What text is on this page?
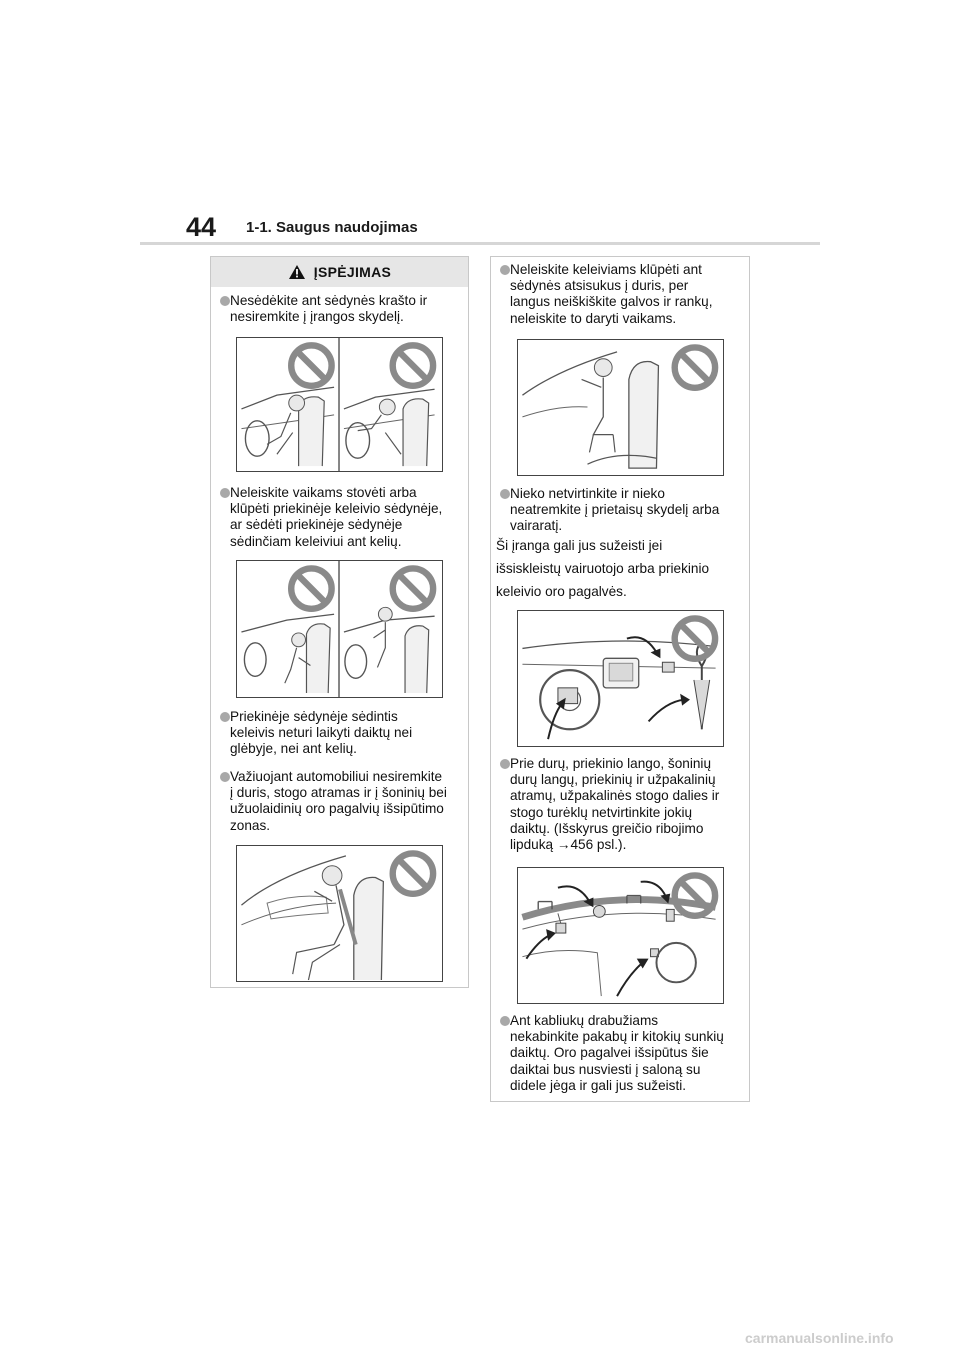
44 1-1. Saugus naudojimas
ĮSPĖJIMAS
Nesėdėkite ant sėdynės krašto ir
nesiremkite į įrangos skydelį.
Neleiskite vaikams stovėti arba
klūpėti priekinėje keleivio sėdynėje,
ar sėdėti priekinėje sėdynėje
sėdinčiam keleiviui ant kelių.
Priekinėje sėdynėje sėdintis
keleivis neturi laikyti daiktų nei
glėbyje, nei ant kelių.
Važiuojant automobiliui nesiremkite
į duris, stogo atramas ir į šoninių bei
užuolaidinių oro pagalvių išsipūtimo
zonas.
Neleiskite keleiviams klūpėti ant
sėdynės atsisukus į duris, per
langus neiškiškite galvos ir rankų,
neleiskite to daryti vaikams.
Nieko netvirtinkite ir nieko
neatremkite į prietaisų skydelį arba
vairaratį.
Ši įranga gali jus sužeisti jei
išsiskleistų vairuotojo arba priekinio
keleivio oro pagalvės.
Prie durų, priekinio lango, šoninių
durų langų, priekinių ir užpakalinių
atramų, užpakalinės stogo dalies ir
stogo turėklų netvirtinkite jokių
daiktų. (Išskyrus greičio ribojimo
lipduką →456 psl.).
Ant kabliukų drabužiams
nekabinkite pakabų ir kitokių sunkių
daiktų. Oro pagalvei išsipūtus šie
daiktai bus nusviesti į saloną su
didele jėga ir gali jus sužeisti.
carmanualsonline.info
